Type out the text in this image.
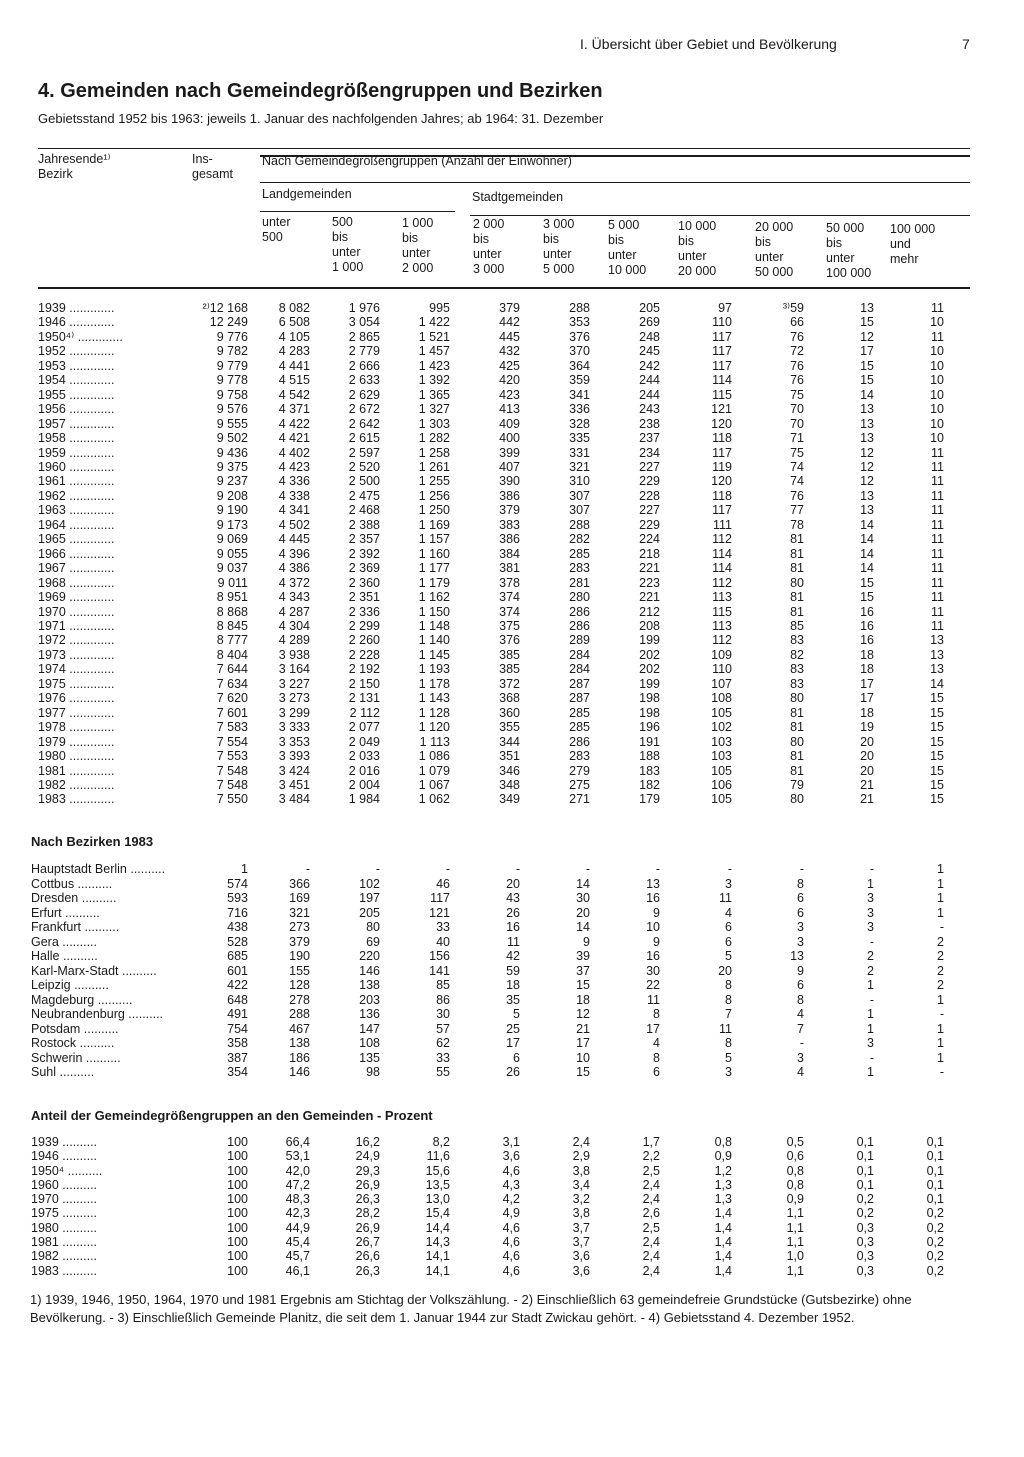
I. Übersicht über Gebiet und Bevölkerung	7
4. Gemeinden nach Gemeindegrößengruppen und Bezirken
Gebietsstand 1952 bis 1963: jeweils 1. Januar des nachfolgenden Jahres; ab 1964: 31. Dezember
Jahresende¹⁾
Bezirk
Ins-
gesamt
Nach Gemeindegrößengruppen (Anzahl der Einwohner)
Landgemeinden	Stadtgemeinden
unter
500
500
bis
unter
1 000
1 000
bis
unter
2 000
2 000
bis
unter
3 000
3 000
bis
unter
5 000
5 000
bis
unter
10 000
10 000
bis
unter
20 000
20 000
bis
unter
50 000
50 000
bis
unter
100 000
100 000
und
mehr
1939 .............	²⁾12 168	8 082	1 976	995	379	288	205	97	³⁾59	13	11
1946 .............	12 249	6 508	3 054	1 422	442	353	269	110	66	15	10
1950⁴⁾ .............	9 776	4 105	2 865	1 521	445	376	248	117	76	12	11
1952 .............	9 782	4 283	2 779	1 457	432	370	245	117	72	17	10
1953 .............	9 779	4 441	2 666	1 423	425	364	242	117	76	15	10
1954 .............	9 778	4 515	2 633	1 392	420	359	244	114	76	15	10
1955 .............	9 758	4 542	2 629	1 365	423	341	244	115	75	14	10
1956 .............	9 576	4 371	2 672	1 327	413	336	243	121	70	13	10
1957 .............	9 555	4 422	2 642	1 303	409	328	238	120	70	13	10
1958 .............	9 502	4 421	2 615	1 282	400	335	237	118	71	13	10
1959 .............	9 436	4 402	2 597	1 258	399	331	234	117	75	12	11
1960 .............	9 375	4 423	2 520	1 261	407	321	227	119	74	12	11
1961 .............	9 237	4 336	2 500	1 255	390	310	229	120	74	12	11
1962 .............	9 208	4 338	2 475	1 256	386	307	228	118	76	13	11
1963 .............	9 190	4 341	2 468	1 250	379	307	227	117	77	13	11
1964 .............	9 173	4 502	2 388	1 169	383	288	229	111	78	14	11
1965 .............	9 069	4 445	2 357	1 157	386	282	224	112	81	14	11
1966 .............	9 055	4 396	2 392	1 160	384	285	218	114	81	14	11
1967 .............	9 037	4 386	2 369	1 177	381	283	221	114	81	14	11
1968 .............	9 011	4 372	2 360	1 179	378	281	223	112	80	15	11
1969 .............	8 951	4 343	2 351	1 162	374	280	221	113	81	15	11
1970 .............	8 868	4 287	2 336	1 150	374	286	212	115	81	16	11
1971 .............	8 845	4 304	2 299	1 148	375	286	208	113	85	16	11
1972 .............	8 777	4 289	2 260	1 140	376	289	199	112	83	16	13
1973 .............	8 404	3 938	2 228	1 145	385	284	202	109	82	18	13
1974 .............	7 644	3 164	2 192	1 193	385	284	202	110	83	18	13
1975 .............	7 634	3 227	2 150	1 178	372	287	199	107	83	17	14
1976 .............	7 620	3 273	2 131	1 143	368	287	198	108	80	17	15
1977 .............	7 601	3 299	2 112	1 128	360	285	198	105	81	18	15
1978 .............	7 583	3 333	2 077	1 120	355	285	196	102	81	19	15
1979 .............	7 554	3 353	2 049	1 113	344	286	191	103	80	20	15
1980 .............	7 553	3 393	2 033	1 086	351	283	188	103	81	20	15
1981 .............	7 548	3 424	2 016	1 079	346	279	183	105	81	20	15
1982 .............	7 548	3 451	2 004	1 067	348	275	182	106	79	21	15
1983 .............	7 550	3 484	1 984	1 062	349	271	179	105	80	21	15
Nach Bezirken 1983
Hauptstadt Berlin ..........	1	-	-	-	-	-	-	-	-	-	1
Cottbus ..........	574	366	102	46	20	14	13	3	8	1	1
Dresden ..........	593	169	197	117	43	30	16	11	6	3	1
Erfurt ..........	716	321	205	121	26	20	9	4	6	3	1
Frankfurt ..........	438	273	80	33	16	14	10	6	3	3	-
Gera ..........	528	379	69	40	11	9	9	6	3	-	2
Halle ..........	685	190	220	156	42	39	16	5	13	2	2
Karl-Marx-Stadt ..........	601	155	146	141	59	37	30	20	9	2	2
Leipzig ..........	422	128	138	85	18	15	22	8	6	1	2
Magdeburg ..........	648	278	203	86	35	18	11	8	8	-	1
Neubrandenburg ..........	491	288	136	30	5	12	8	7	4	1	-
Potsdam ..........	754	467	147	57	25	21	17	11	7	1	1
Rostock ..........	358	138	108	62	17	17	4	8	-	3	1
Schwerin ..........	387	186	135	33	6	10	8	5	3	-	1
Suhl ..........	354	146	98	55	26	15	6	3	4	1	-
Anteil der Gemeindegrößengruppen an den Gemeinden - Prozent
1939 ..........	100	66,4	16,2	8,2	3,1	2,4	1,7	0,8	0,5	0,1	0,1
1946 ..........	100	53,1	24,9	11,6	3,6	2,9	2,2	0,9	0,6	0,1	0,1
1950⁴ ..........	100	42,0	29,3	15,6	4,6	3,8	2,5	1,2	0,8	0,1	0,1
1960 ..........	100	47,2	26,9	13,5	4,3	3,4	2,4	1,3	0,8	0,1	0,1
1970 ..........	100	48,3	26,3	13,0	4,2	3,2	2,4	1,3	0,9	0,2	0,1
1975 ..........	100	42,3	28,2	15,4	4,9	3,8	2,6	1,4	1,1	0,2	0,2
1980 ..........	100	44,9	26,9	14,4	4,6	3,7	2,5	1,4	1,1	0,3	0,2
1981 ..........	100	45,4	26,7	14,3	4,6	3,7	2,4	1,4	1,1	0,3	0,2
1982 ..........	100	45,7	26,6	14,1	4,6	3,6	2,4	1,4	1,0	0,3	0,2
1983 ..........	100	46,1	26,3	14,1	4,6	3,6	2,4	1,4	1,1	0,3	0,2
1) 1939, 1946, 1950, 1964, 1970 und 1981 Ergebnis am Stichtag der Volkszählung. - 2) Einschließlich 63 gemeindefreie Grundstücke (Gutsbezirke) ohne Bevölkerung. - 3) Einschließlich Gemeinde Planitz, die seit dem 1. Januar 1944 zur Stadt Zwickau gehört. - 4) Gebietsstand 4. Dezember 1952.
